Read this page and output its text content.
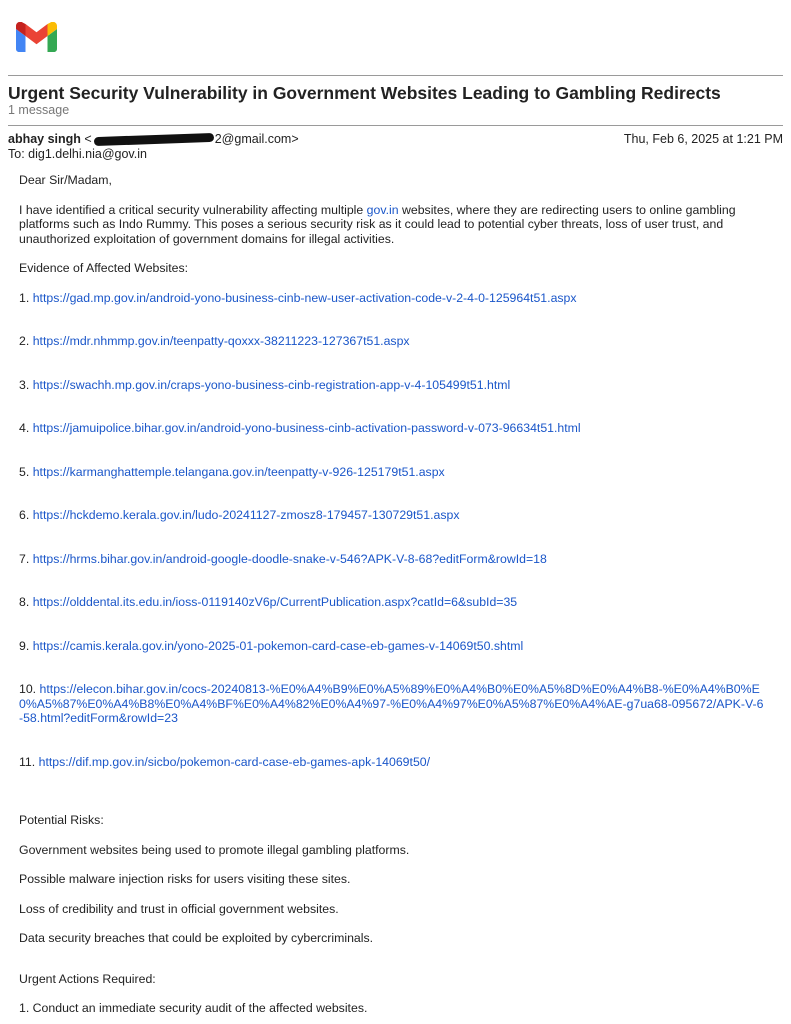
Urgent Security Vulnerability in Government Websites Leading to Gambling Redirects
1 message
abhay singh <	2@gmail.com>	Thu, Feb 6, 2025 at 1:21 PM
To: dig1.delhi.nia@gov.in

Dear Sir/Madam,

I have identified a critical security vulnerability affecting multiple gov.in websites, where they are redirecting users to online gambling platforms such as Indo Rummy. This poses a serious security risk as it could lead to potential cyber threats, loss of user trust, and unauthorized exploitation of government domains for illegal activities.

Evidence of Affected Websites:

1. https://gad.mp.gov.in/android-yono-business-cinb-new-user-activation-code-v-2-4-0-125964t51.aspx

2. https://mdr.nhmmp.gov.in/teenpatty-qoxxx-38211223-127367t51.aspx

3. https://swachh.mp.gov.in/craps-yono-business-cinb-registration-app-v-4-105499t51.html

4. https://jamuipolice.bihar.gov.in/android-yono-business-cinb-activation-password-v-073-96634t51.html

5. https://karmanghattemple.telangana.gov.in/teenpatty-v-926-125179t51.aspx

6. https://hckdemo.kerala.gov.in/ludo-20241127-zmosz8-179457-130729t51.aspx

7. https://hrms.bihar.gov.in/android-google-doodle-snake-v-546?APK-V-8-68?editForm&rowId=18

8. https://olddental.its.edu.in/ioss-0119140zV6p/CurrentPublication.aspx?catId=6&subId=35

9. https://camis.kerala.gov.in/yono-2025-01-pokemon-card-case-eb-games-v-14069t50.shtml

10. https://elecon.bihar.gov.in/cocs-20240813-%E0%A4%B9%E0%A5%89%E0%A4%B0%E0%A5%8D%E0%A4%B8-%E0%A4%B0%E0%A5%87%E0%A4%B8%E0%A4%BF%E0%A4%82%E0%A4%97-%E0%A4%97%E0%A5%87%E0%A4%AE-g7ua68-095672/APK-V-6-58.html?editForm&rowId=23

11. https://dif.mp.gov.in/sicbo/pokemon-card-case-eb-games-apk-14069t50/

Potential Risks:

Government websites being used to promote illegal gambling platforms.

Possible malware injection risks for users visiting these sites.

Loss of credibility and trust in official government websites.

Data security breaches that could be exploited by cybercriminals.

Urgent Actions Required:

1. Conduct an immediate security audit of the affected websites.
